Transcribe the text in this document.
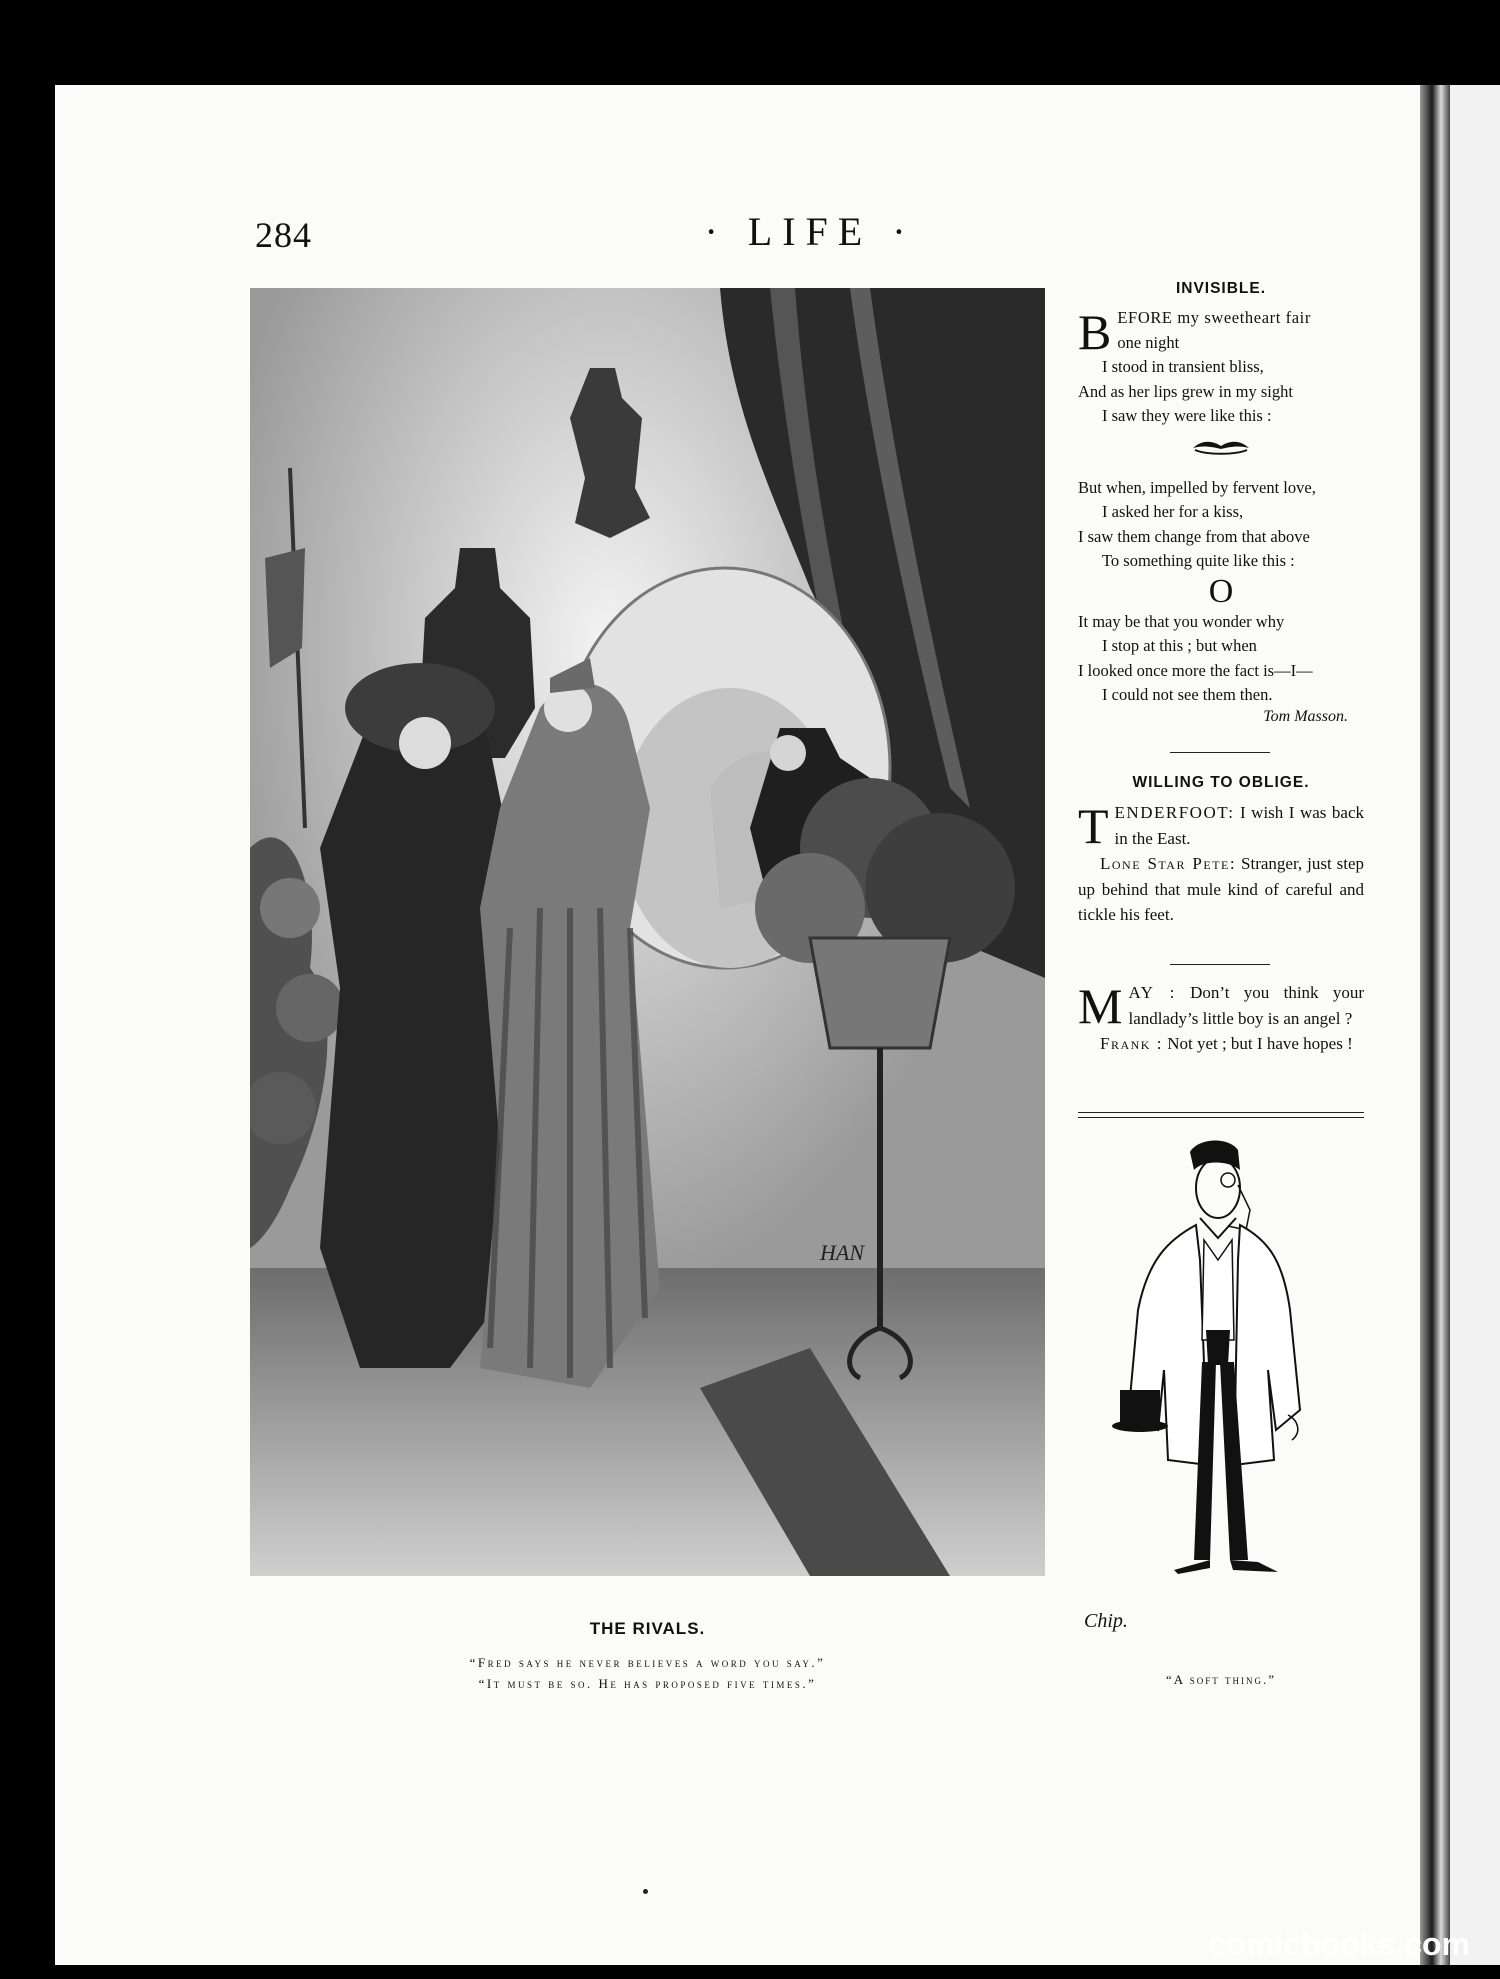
284	· LIFE ·
HAN
THE RIVALS.
“Fred says he never believes a word you say.”
“It must be so. He has proposed five times.”
INVISIBLE.
B EFORE my sweetheart fair
one night
I stood in transient bliss,
And as her lips grew in my sight
I saw they were like this :
But when, impelled by fervent love,
I asked her for a kiss,
I saw them change from that above
To something quite like this :
O
It may be that you wonder why
I stop at this ; but when
I looked once more the fact is—I—
I could not see them then.
Tom Masson.
WILLING TO OBLIGE.
TENDERFOOT: I wish I was back in the East.
Lone Star Pete: Stranger, just step up behind that mule kind of careful and tickle his feet.
MAY : Don’t you think your landlady’s little boy is an angel ?
Frank : Not yet ; but I have hopes !
Chip.
“A soft thing.”
comicbooks.com
